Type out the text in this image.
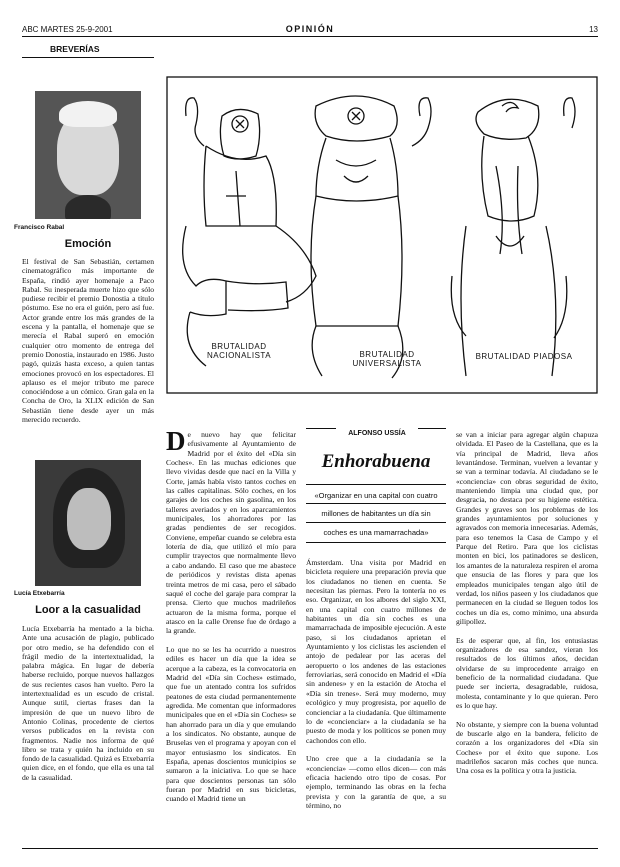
ABC MARTES 25-9-2001	OPINIÓN	13
BREVERÍAS
Francisco Rabal
Emoción

El festival de San Sebastián, certamen cinematográfico más importante de España, rindió ayer homenaje a Paco Rabal. Su inesperada muerte hizo que sólo pudiese recibir el premio Donostia a título póstumo. Ese no era el guión, pero así fue. Actor grande entre los más grandes de la escena y la pantalla, el homenaje que se merecía el Rabal superó en emoción cualquier otro momento de entrega del premio Donostia, instaurado en 1986. Justo pagó, quizás hasta exceso, a quien tantas emociones provocó en los espectadores. El aplauso es el mejor tributo me parece conociéndose a un cómico. Gran gala en la Concha de Oro, la XLIX edición de San Sebastián tiene desde ayer un más merecido recuerdo.

Lucía Etxebarría
Loor a la casualidad

Lucía Etxebarría ha mentado a la bicha. Ante una acusación de plagio, publicado por otro medio, se ha defendido con el frágil medio de la intertextualidad, la palabra mágica. En lugar de debería haberse recluido, porque nuevos hallazgos de sus recientes casos han vuelto. Pero la intertextualidad es un escudo de cristal. Aunque sutil, ciertas frases dan la impresión de que un nuevo libro de Antonio Colinas, procedente de ciertos versos publicados en la revista con fragmentos. Nadie nos informa de qué libro se trata y quién ha incluido en su fondo de la casualidad. Quizá es Etxebarría quien dice, en el fondo, que ella es una tal de la casualidad.

BRUTALIDAD NACIONALISTA	BRUTALIDAD UNIVERSALISTA
BRUTALIDAD PIADOSA
De nuevo hay que felicitar efusivamente al Ayuntamiento de Madrid por el éxito del «Día sin Coches». En las muchas ediciones que llevo vividas desde que nací en la Villa y Corte, jamás había visto tantos coches en las calles capitalinas. Sólo coches, en los garajes de los coches sin gasolina, en los talleres averiados y en los aparcamientos municipales, los ahorradores por las gradas pendientes de ser recogidos. Conviene, empeñar cuando se celebra esta lotería de día, que utilizó el mío para cumplir trayectos que normalmente llevo a cabo andando. El caso que me abastece de periódicos y revistas dista apenas treinta metros de mi casa, pero el sábado saqué el coche del garaje para comprar la prensa. Cierto que muchos madrileños actuaron de la misma forma, porque el atasco en la calle Orense fue de órdago a la grande.

Lo que no se les ha ocurrido a nuestros ediles es hacer un día que la idea se acerque a la cabeza, es la convocatoria en Madrid del «Día sin Coches» estimado, que fue un atentado contra los sufridos peatones de esta ciudad permanentemente agredida. Me comentan que informadores municipales que en el «Día sin Coches» se han ahorrado para un día y que emulando a los sindicatos. No obstante, aunque de Bruselas ven el programa y apoyan con el mayor entusiasmo los sindicatos. En España, apenas doscientos municipios se sumaron a la iniciativa. Lo que se hace para que doscientos personas tan sólo fueran por Madrid en sus bicicletas, cuando el Madrid tiene un
ALFONSO USSÍA
Enhorabuena
«Organizar en una capital con cuatro
millones de habitantes un día sin
coches es una mamarrachada»

Ámsterdam. Una visita por Madrid en bicicleta requiere una preparación previa que los ciudadanos no tienen en cuenta. Se necesitan las piernas. Pero la tontería no es eso. Organizar, en los albores del siglo XXI, en una capital con cuatro millones de habitantes un día sin coches es una mamarrachada de imposible ejecución. A este paso, si los ciudadanos aprietan el Ayuntamiento y los ciclistas les ascienden el antojo de pedalear por las aceras del aeropuerto o los andenes de las estaciones ferroviarias, será conocido en Madrid el «Día sin andenes» y en la estación de Atocha el «Día sin trenes». Será muy moderno, muy ecológico y muy progresista, por aquello de concienciar a la ciudadanía. Que últimamente lo de «concienciar» a la ciudadanía se ha puesto de moda y los políticos se ponen muy cachondos con ello.

Uno cree que a la ciudadanía se la «conciencia» —como ellos dicen— con más eficacia haciendo otro tipo de cosas. Por ejemplo, terminando las obras en la fecha prevista y con la garantía de que, a su término, no

se van a iniciar para agregar algún chapuza olvidada. El Paseo de la Castellana, que es la vía principal de Madrid, lleva años levantándose. Terminan, vuelven a levantar y se van a terminar todavía. Al ciudadano se le «conciencia» con obras seguridad de éxito, manteniendo limpia una ciudad que, por desgracia, no destaca por su higiene estética. Grandes y graves son los problemas de los grandes ayuntamientos por soluciones y agravados con memoria innecesarias. Además, para eso tenemos la Casa de Campo y el Parque del Retiro. Para que los ciclistas monten en bici, los patinadores se deslicen, los amantes de la naturaleza respiren el aroma que ensucia de las flores y para que los empleados municipales tengan algo útil de verdad, los niños paseen y los ciudadanos que permanecen en la ciudad se lleguen todos los coches un día es, como mínimo, una absurda gilipollez.

Es de esperar que, al fin, los entusiastas organizadores de esa sandez, vieran los resultados de los últimos años, decidan olvidarse de su improcedente arraigo en beneficio de la normalidad ciudadana. Que puede ser incierta, desagradable, ruidosa, molesta, contaminante y lo que quieran. Pero es lo que hay.

No obstante, y siempre con la buena voluntad de buscarle algo en la bandera, felicito de corazón a los organizadores del «Día sin Coches» por el éxito que supone. Los madrileños sacaron más coches que nunca. Una cosa es la política y otra la justicia.
